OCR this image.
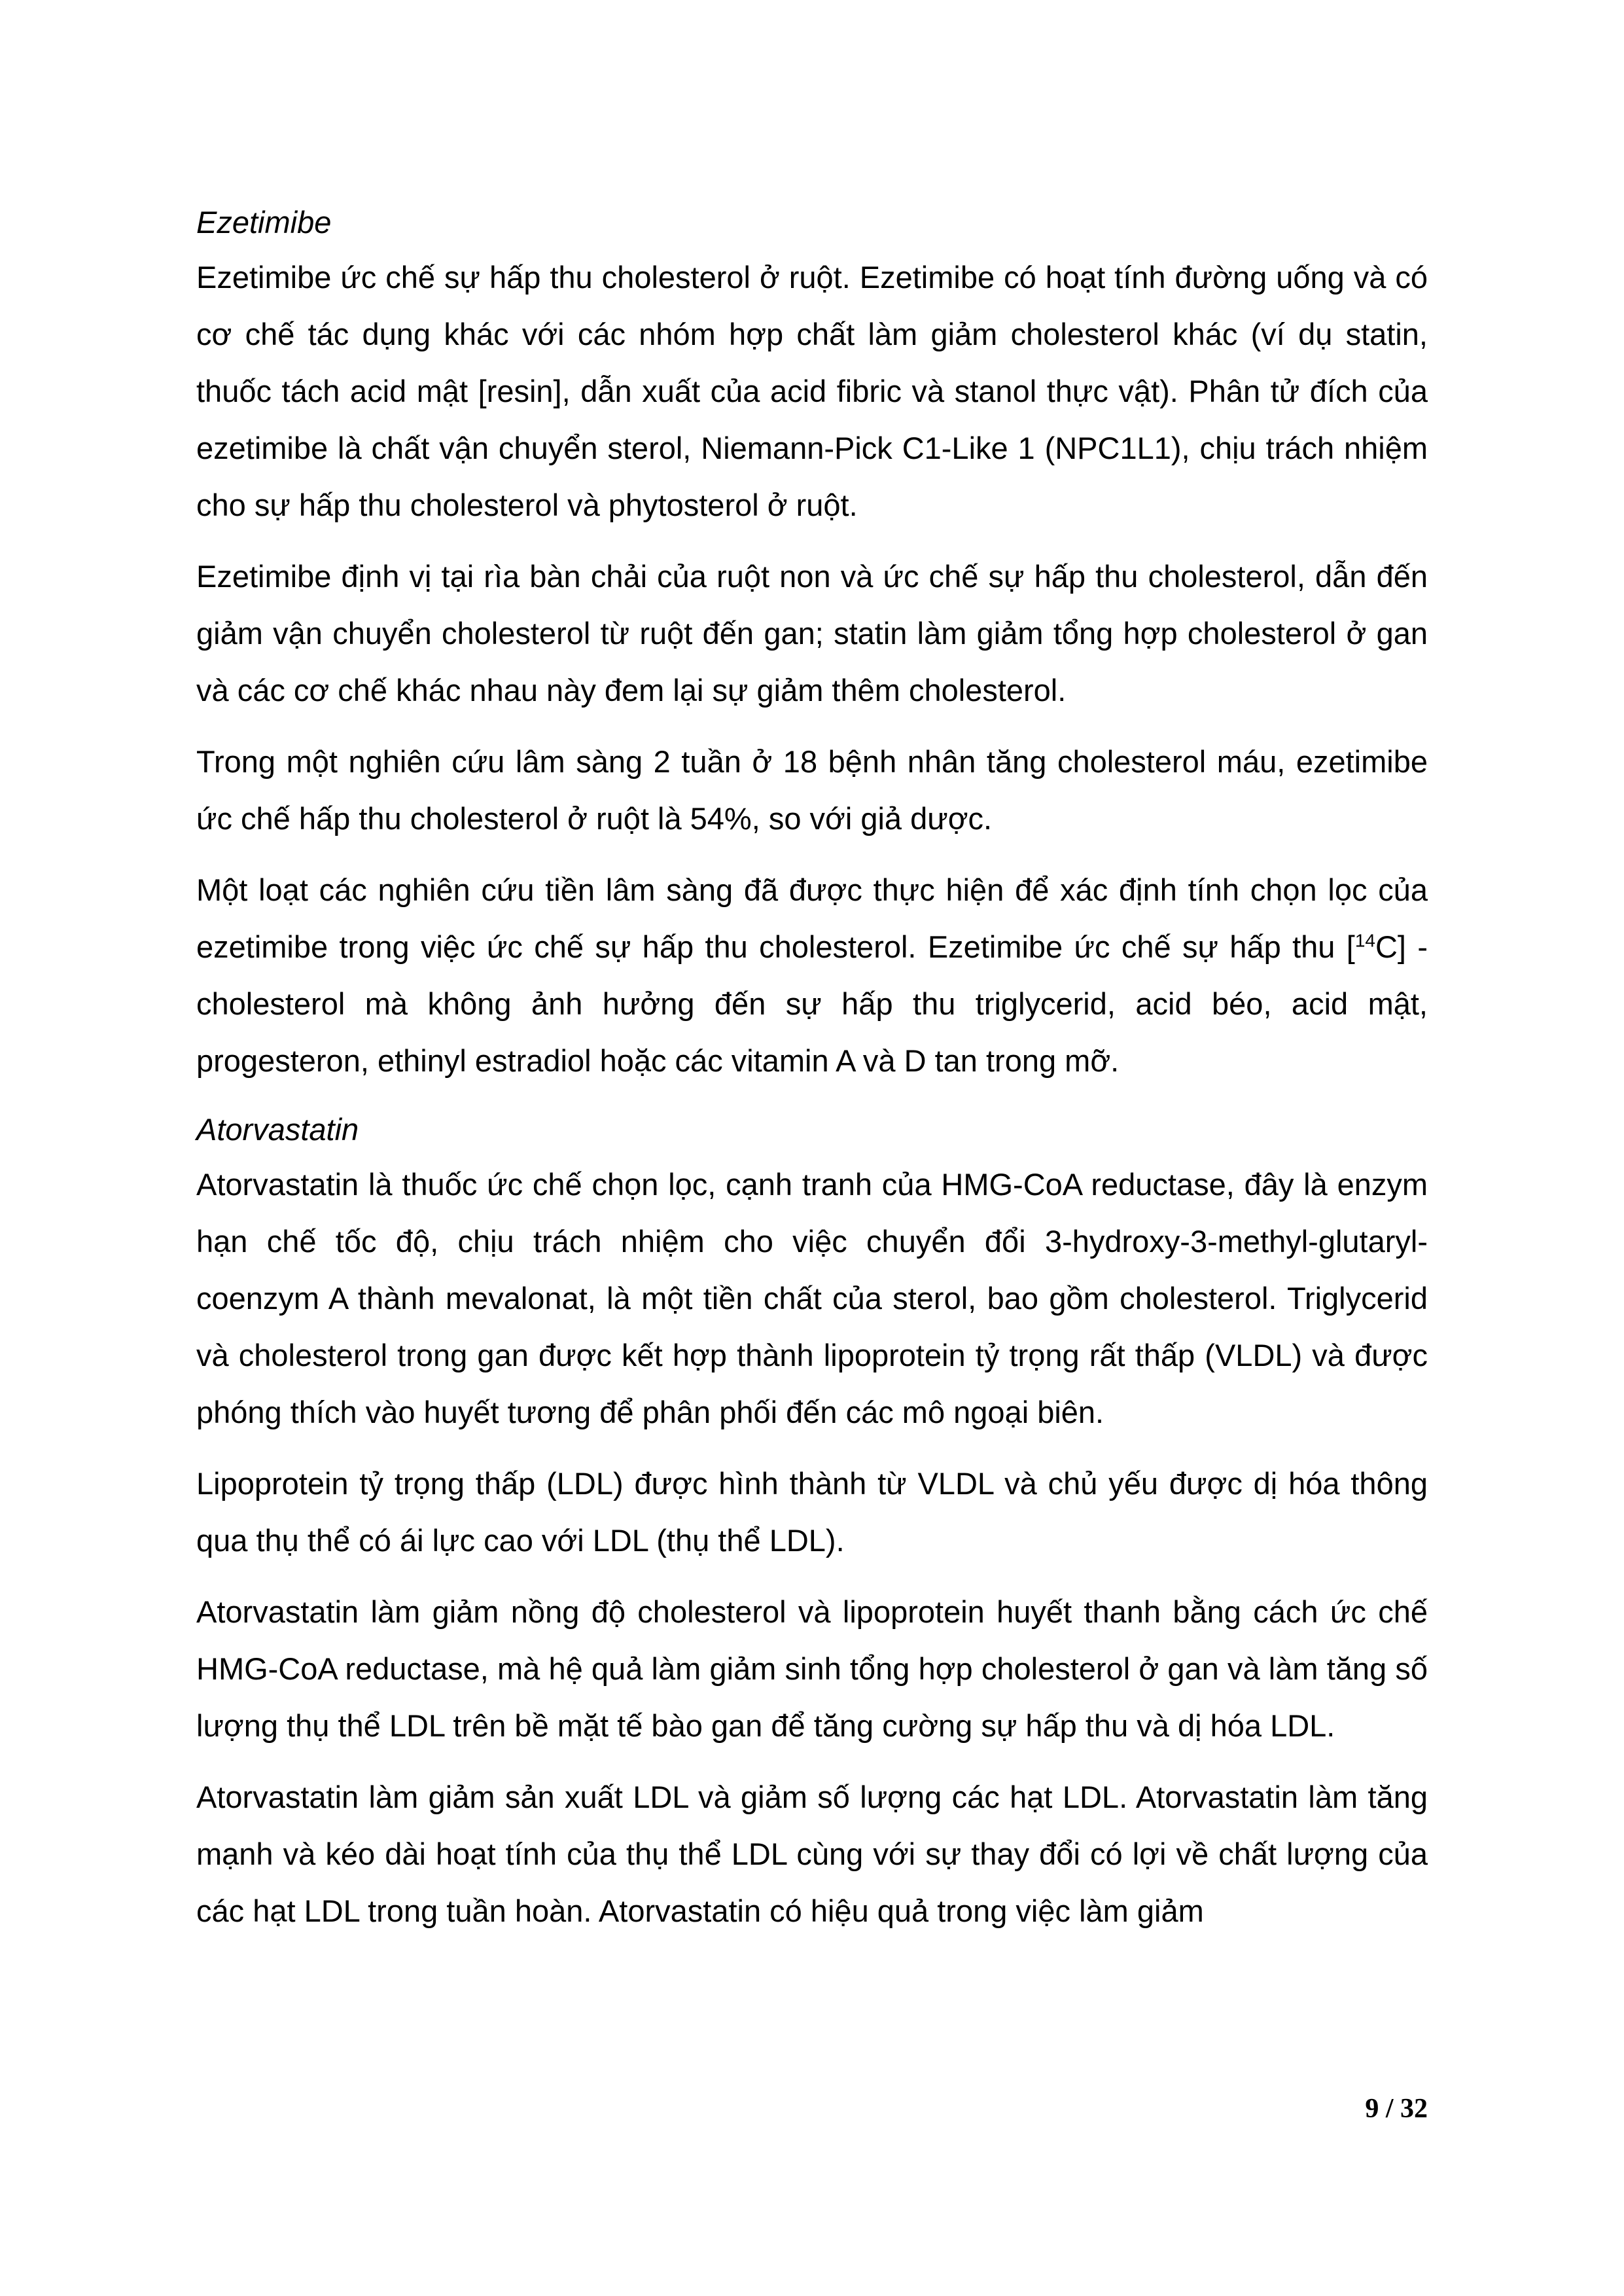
Ezetimibe

Ezetimibe ức chế sự hấp thu cholesterol ở ruột. Ezetimibe có hoạt tính đường uống và có cơ chế tác dụng khác với các nhóm hợp chất làm giảm cholesterol khác (ví dụ statin, thuốc tách acid mật [resin], dẫn xuất của acid fibric và stanol thực vật). Phân tử đích của ezetimibe là chất vận chuyển sterol, Niemann-Pick C1-Like 1 (NPC1L1), chịu trách nhiệm cho sự hấp thu cholesterol và phytosterol ở ruột.

Ezetimibe định vị tại rìa bàn chải của ruột non và ức chế sự hấp thu cholesterol, dẫn đến giảm vận chuyển cholesterol từ ruột đến gan; statin làm giảm tổng hợp cholesterol ở gan và các cơ chế khác nhau này đem lại sự giảm thêm cholesterol.

Trong một nghiên cứu lâm sàng 2 tuần ở 18 bệnh nhân tăng cholesterol máu, ezetimibe ức chế hấp thu cholesterol ở ruột là 54%, so với giả dược.

Một loạt các nghiên cứu tiền lâm sàng đã được thực hiện để xác định tính chọn lọc của ezetimibe trong việc ức chế sự hấp thu cholesterol. Ezetimibe ức chế sự hấp thu [$^{14}$C] -cholesterol mà không ảnh hưởng đến sự hấp thu triglycerid, acid béo, acid mật, progesteron, ethinyl estradiol hoặc các vitamin A và D tan trong mỡ.

Atorvastatin

Atorvastatin là thuốc ức chế chọn lọc, cạnh tranh của HMG-CoA reductase, đây là enzym hạn chế tốc độ, chịu trách nhiệm cho việc chuyển đổi 3-hydroxy-3-methyl-glutaryl-coenzym A thành mevalonat, là một tiền chất của sterol, bao gồm cholesterol. Triglycerid và cholesterol trong gan được kết hợp thành lipoprotein tỷ trọng rất thấp (VLDL) và được phóng thích vào huyết tương để phân phối đến các mô ngoại biên.

Lipoprotein tỷ trọng thấp (LDL) được hình thành từ VLDL và chủ yếu được dị hóa thông qua thụ thể có ái lực cao với LDL (thụ thể LDL).

Atorvastatin làm giảm nồng độ cholesterol và lipoprotein huyết thanh bằng cách ức chế HMG-CoA reductase, mà hệ quả làm giảm sinh tổng hợp cholesterol ở gan và làm tăng số lượng thụ thể LDL trên bề mặt tế bào gan để tăng cường sự hấp thu và dị hóa LDL.

Atorvastatin làm giảm sản xuất LDL và giảm số lượng các hạt LDL. Atorvastatin làm tăng mạnh và kéo dài hoạt tính của thụ thể LDL cùng với sự thay đổi có lợi về chất lượng của các hạt LDL trong tuần hoàn. Atorvastatin có hiệu quả trong việc làm giảm

9 / 32
